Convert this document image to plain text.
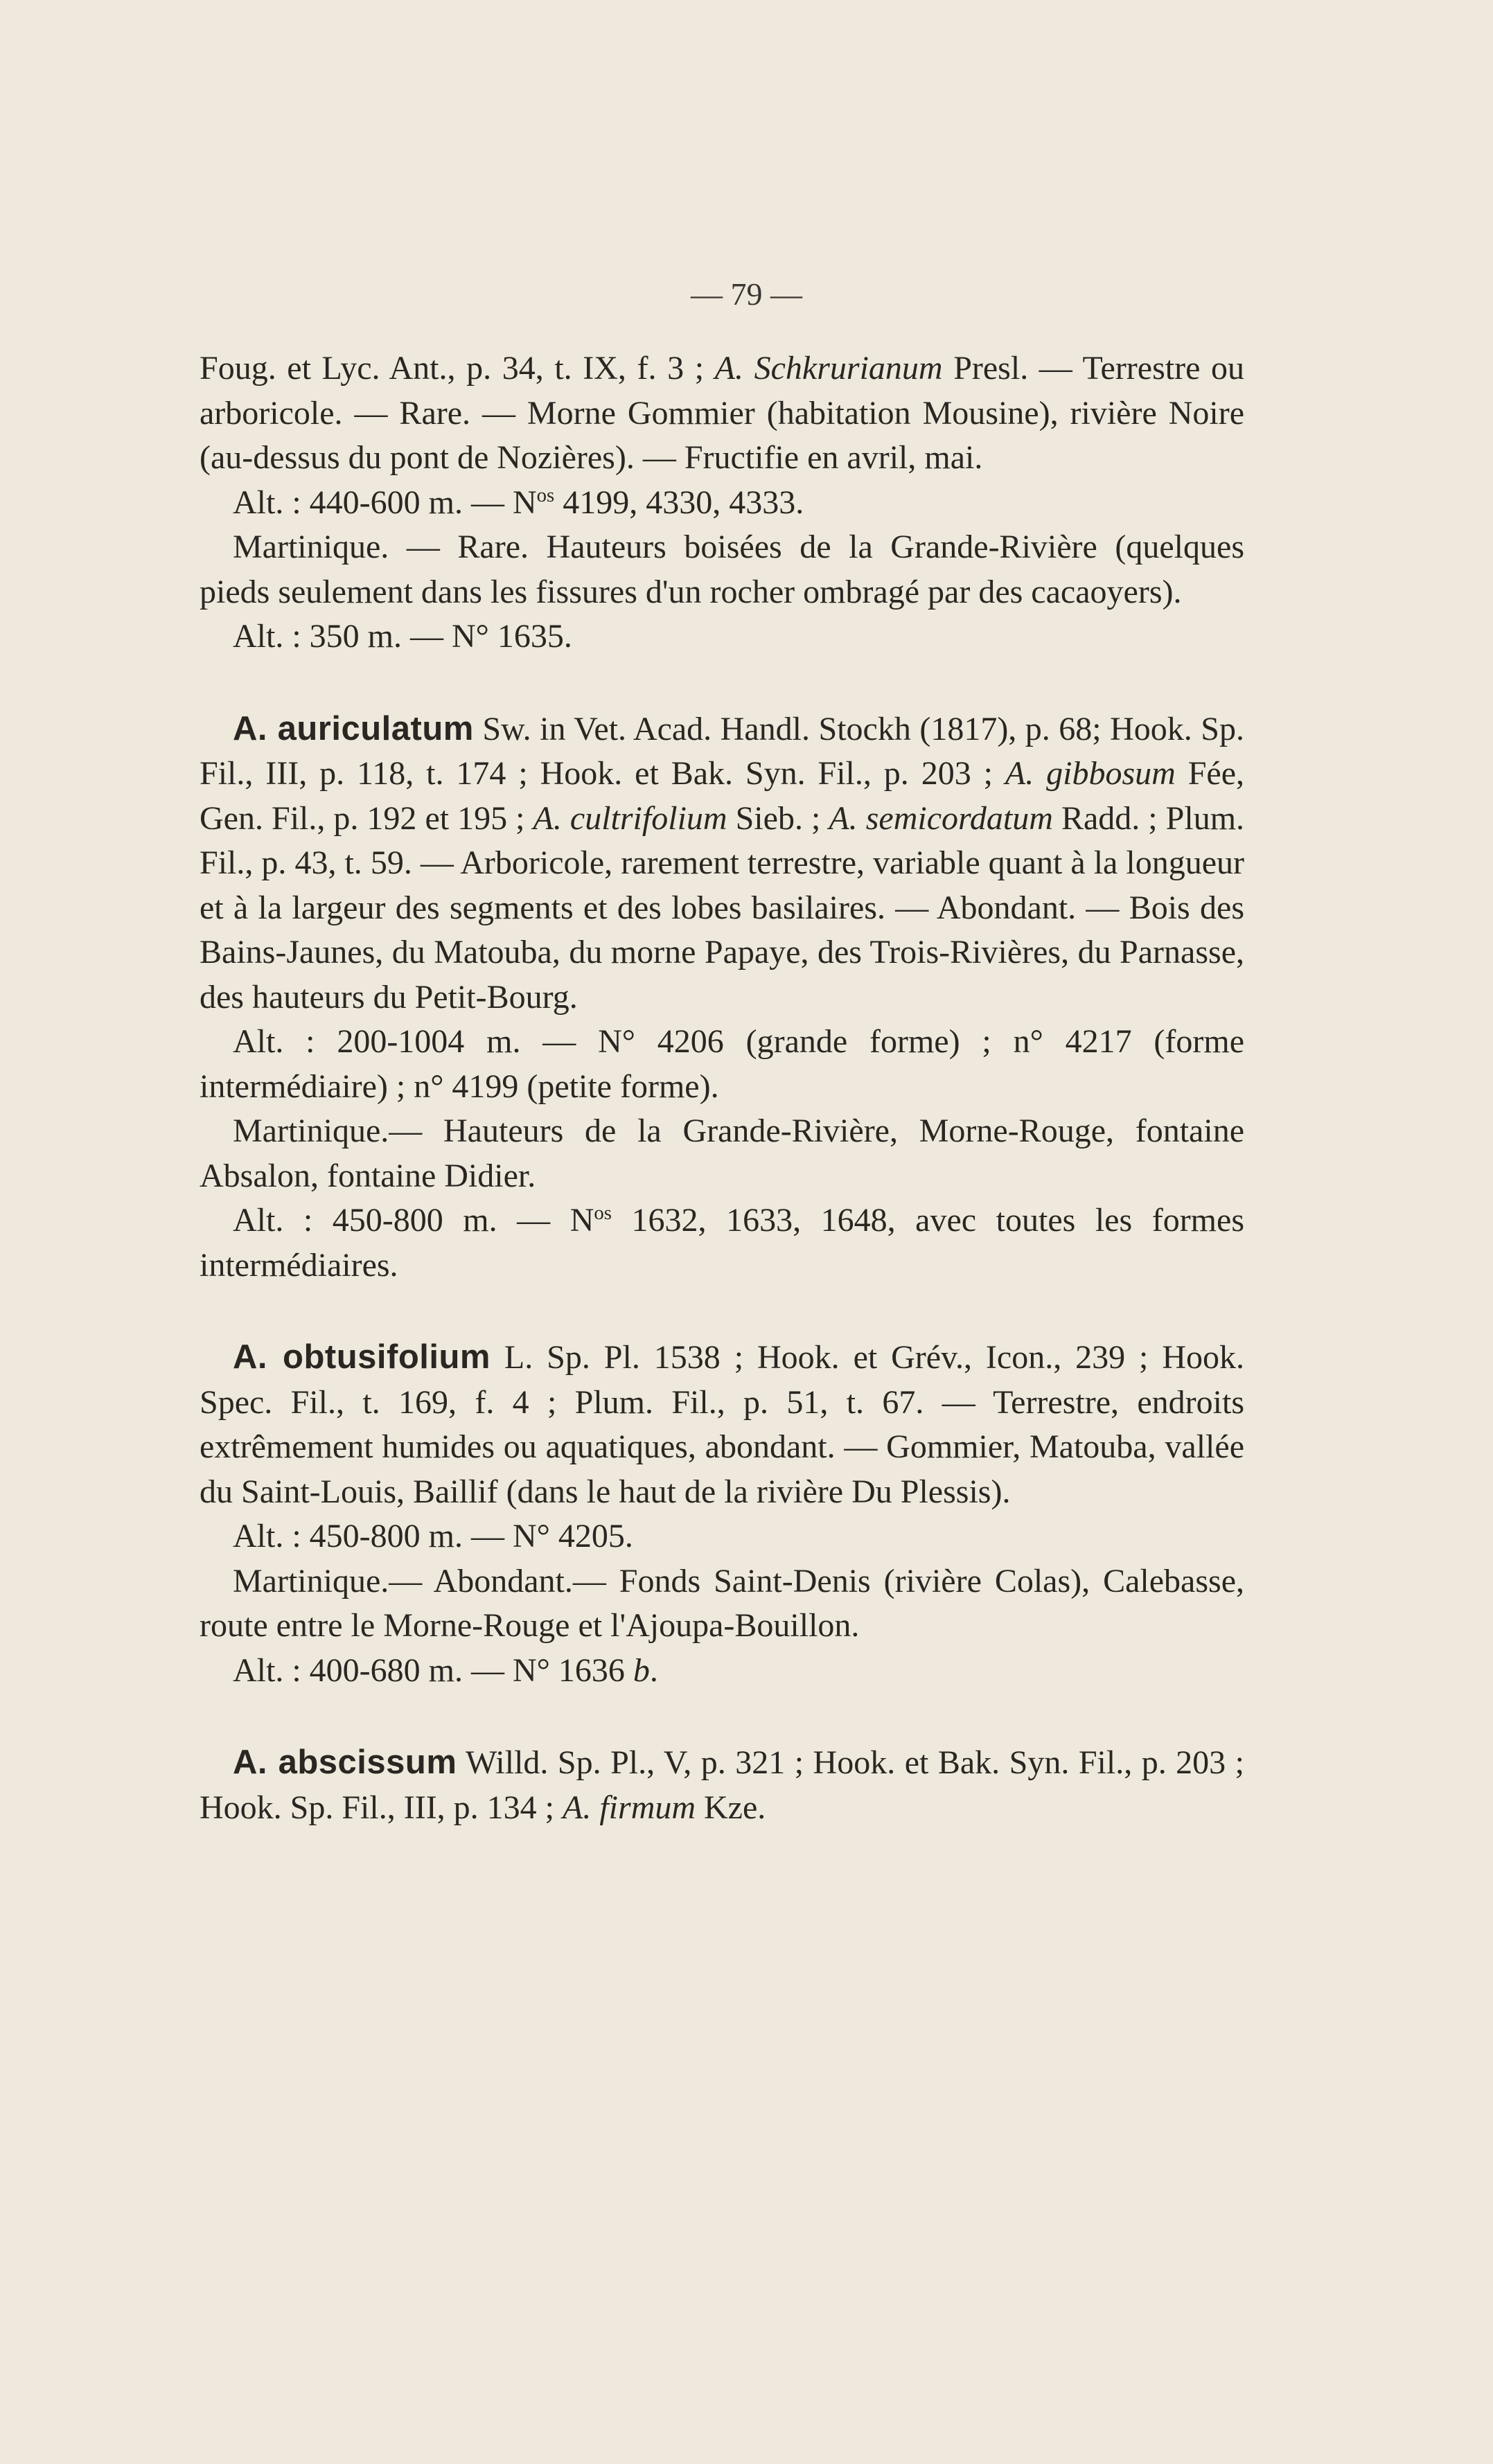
— 79 —

Foug. et Lyc. Ant., p. 34, t. IX, f. 3 ; A. Schkrurianum Presl. — Terrestre ou arboricole. — Rare. — Morne Gommier (habitation Mousine), rivière Noire (au-dessus du pont de Nozières). — Fructifie en avril, mai.

Alt. : 440-600 m. — $N^{os}$ 4199, 4330, 4333.

Martinique. — Rare. Hauteurs boisées de la Grande-Rivière (quelques pieds seulement dans les fissures d'un rocher ombragé par des cacaoyers).

Alt. : 350 m. — N° 1635.

A. auriculatum Sw. in Vet. Acad. Handl. Stockh (1817), p. 68; Hook. Sp. Fil., III, p. 118, t. 174 ; Hook. et Bak. Syn. Fil., p. 203 ; A. gibbosum Fée, Gen. Fil., p. 192 et 195 ; A. cultrifolium Sieb. ; A. semicordatum Radd. ; Plum. Fil., p. 43, t. 59. — Arboricole, rarement terrestre, variable quant à la longueur et à la largeur des segments et des lobes basilaires. — Abondant. — Bois des Bains-Jaunes, du Matouba, du morne Papaye, des Trois-Rivières, du Parnasse, des hauteurs du Petit-Bourg.

Alt. : 200-1004 m. — N° 4206 (grande forme) ; n° 4217 (forme intermédiaire) ; n° 4199 (petite forme).

Martinique.— Hauteurs de la Grande-Rivière, Morne-Rouge, fontaine Absalon, fontaine Didier.

Alt. : 450-800 m. — $N^{os}$ 1632, 1633, 1648, avec toutes les formes intermédiaires.

A. obtusifolium L. Sp. Pl. 1538 ; Hook. et Grév., Icon., 239 ; Hook. Spec. Fil., t. 169, f. 4 ; Plum. Fil., p. 51, t. 67. — Terrestre, endroits extrêmement humides ou aquatiques, abondant. — Gommier, Matouba, vallée du Saint-Louis, Baillif (dans le haut de la rivière Du Plessis).

Alt. : 450-800 m. — N° 4205.

Martinique.— Abondant.— Fonds Saint-Denis (rivière Colas), Calebasse, route entre le Morne-Rouge et l'Ajoupa-Bouillon.

Alt. : 400-680 m. — N° 1636 b.

A. abscissum Willd. Sp. Pl., V, p. 321 ; Hook. et Bak. Syn. Fil., p. 203 ; Hook. Sp. Fil., III, p. 134 ; A. firmum Kze.
